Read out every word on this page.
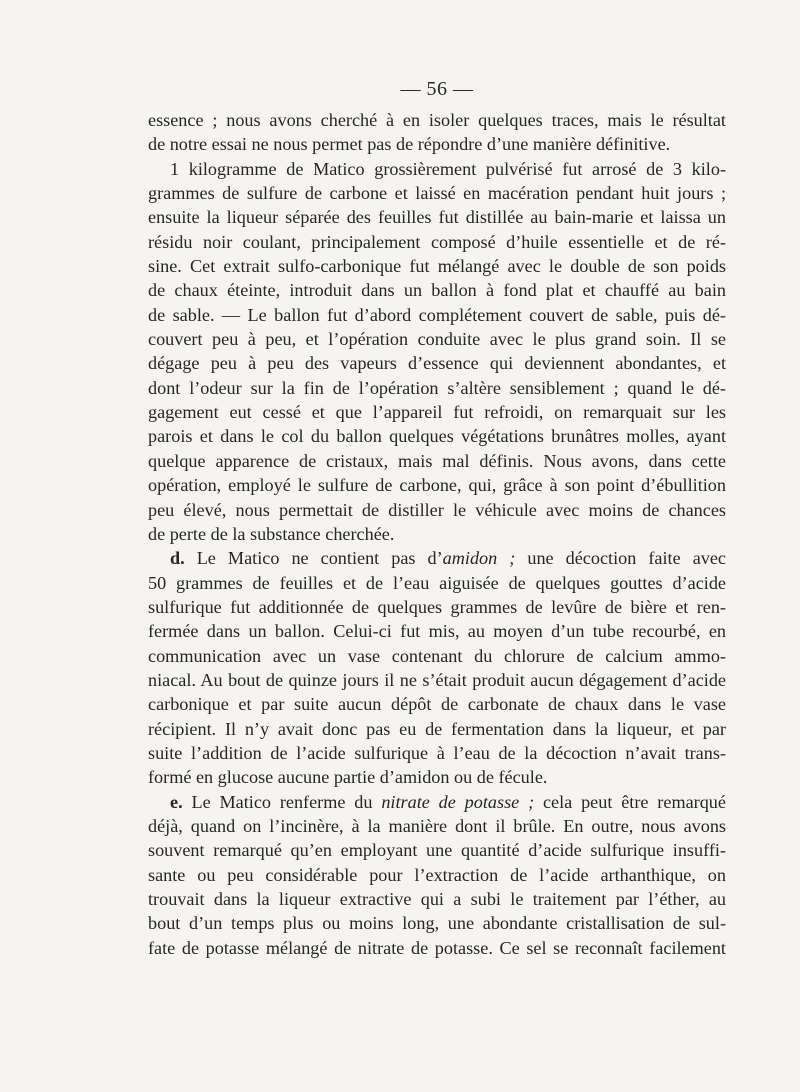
— 56 —
essence ; nous avons cherché à en isoler quelques traces, mais le résultat
de notre essai ne nous permet pas de répondre d’une manière définitive.
1 kilogramme de Matico grossièrement pulvérisé fut arrosé de 3 kilo-
grammes de sulfure de carbone et laissé en macération pendant huit jours ;
ensuite la liqueur séparée des feuilles fut distillée au bain-marie et laissa un
résidu noir coulant, principalement composé d’huile essentielle et de ré-
sine. Cet extrait sulfo-carbonique fut mélangé avec le double de son poids
de chaux éteinte, introduit dans un ballon à fond plat et chauffé au bain
de sable. — Le ballon fut d’abord complétement couvert de sable, puis dé-
couvert peu à peu, et l’opération conduite avec le plus grand soin. Il se
dégage peu à peu des vapeurs d’essence qui deviennent abondantes, et
dont l’odeur sur la fin de l’opération s’altère sensiblement ; quand le dé-
gagement eut cessé et que l’appareil fut refroidi, on remarquait sur les
parois et dans le col du ballon quelques végétations brunâtres molles, ayant
quelque apparence de cristaux, mais mal définis. Nous avons, dans cette
opération, employé le sulfure de carbone, qui, grâce à son point d’ébullition
peu élevé, nous permettait de distiller le véhicule avec moins de chances
de perte de la substance cherchée.
d. Le Matico ne contient pas d’amidon ; une décoction faite avec
50 grammes de feuilles et de l’eau aiguisée de quelques gouttes d’acide
sulfurique fut additionnée de quelques grammes de levûre de bière et ren-
fermée dans un ballon. Celui-ci fut mis, au moyen d’un tube recourbé, en
communication avec un vase contenant du chlorure de calcium ammo-
niacal. Au bout de quinze jours il ne s’était produit aucun dégagement d’acide
carbonique et par suite aucun dépôt de carbonate de chaux dans le vase
récipient. Il n’y avait donc pas eu de fermentation dans la liqueur, et par
suite l’addition de l’acide sulfurique à l’eau de la décoction n’avait trans-
formé en glucose aucune partie d’amidon ou de fécule.
e. Le Matico renferme du nitrate de potasse ; cela peut être remarqué
déjà, quand on l’incinère, à la manière dont il brûle. En outre, nous avons
souvent remarqué qu’en employant une quantité d’acide sulfurique insuffi-
sante ou peu considérable pour l’extraction de l’acide arthanthique, on
trouvait dans la liqueur extractive qui a subi le traitement par l’éther, au
bout d’un temps plus ou moins long, une abondante cristallisation de sul-
fate de potasse mélangé de nitrate de potasse. Ce sel se reconnaît facilement
